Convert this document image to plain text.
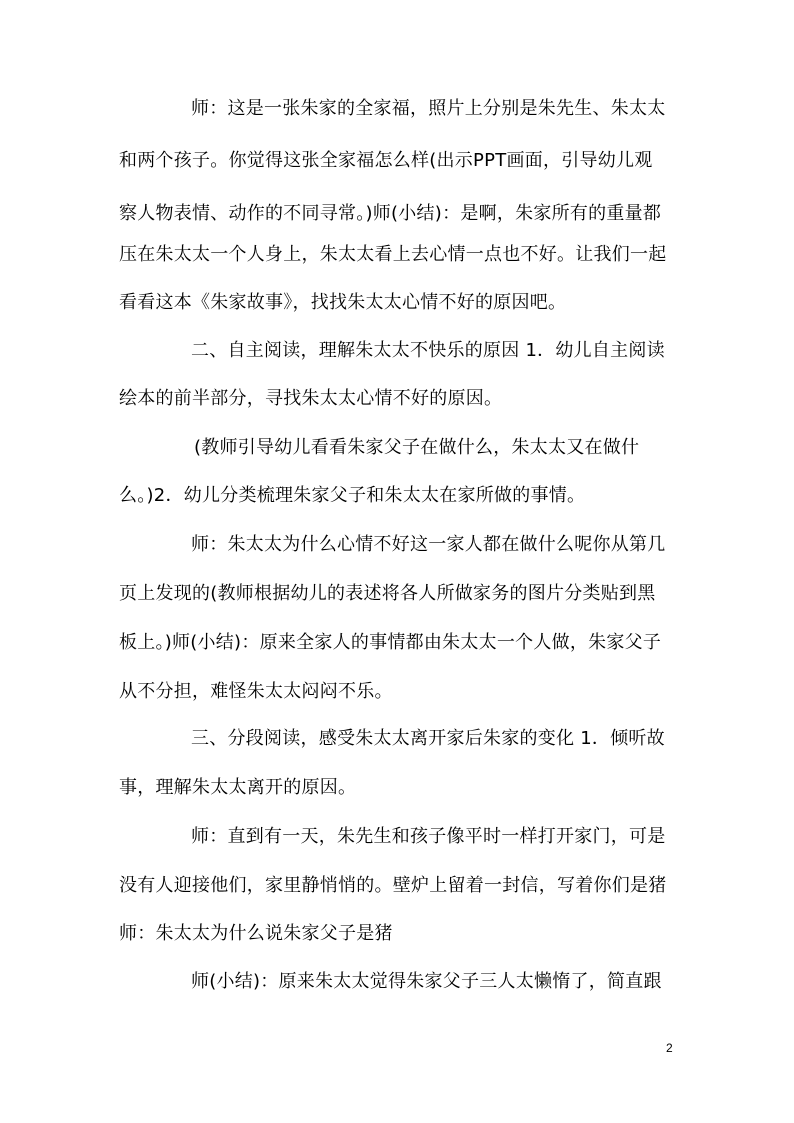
师：这是一张朱家的全家福，照片上分别是朱先生、朱太太
和两个孩子。你觉得这张全家福怎么样(出示PPT画面，引导幼儿观
察人物表情、动作的不同寻常。)师(小结)：是啊，朱家所有的重量都
压在朱太太一个人身上，朱太太看上去心情一点也不好。让我们一起
看看这本《朱家故事》，找找朱太太心情不好的原因吧。
二、自主阅读，理解朱太太不快乐的原因 1．幼儿自主阅读
绘本的前半部分，寻找朱太太心情不好的原因。
(教师引导幼儿看看朱家父子在做什么，朱太太又在做什
么。)2．幼儿分类梳理朱家父子和朱太太在家所做的事情。
师：朱太太为什么心情不好这一家人都在做什么呢你从第几
页上发现的(教师根据幼儿的表述将各人所做家务的图片分类贴到黑
板上。)师(小结)：原来全家人的事情都由朱太太一个人做，朱家父子
从不分担，难怪朱太太闷闷不乐。
三、分段阅读，感受朱太太离开家后朱家的变化 1．倾听故
事，理解朱太太离开的原因。
师：直到有一天，朱先生和孩子像平时一样打开家门，可是
没有人迎接他们，家里静悄悄的。壁炉上留着一封信，写着你们是猪
师：朱太太为什么说朱家父子是猪
师(小结)：原来朱太太觉得朱家父子三人太懒惰了，简直跟
2
